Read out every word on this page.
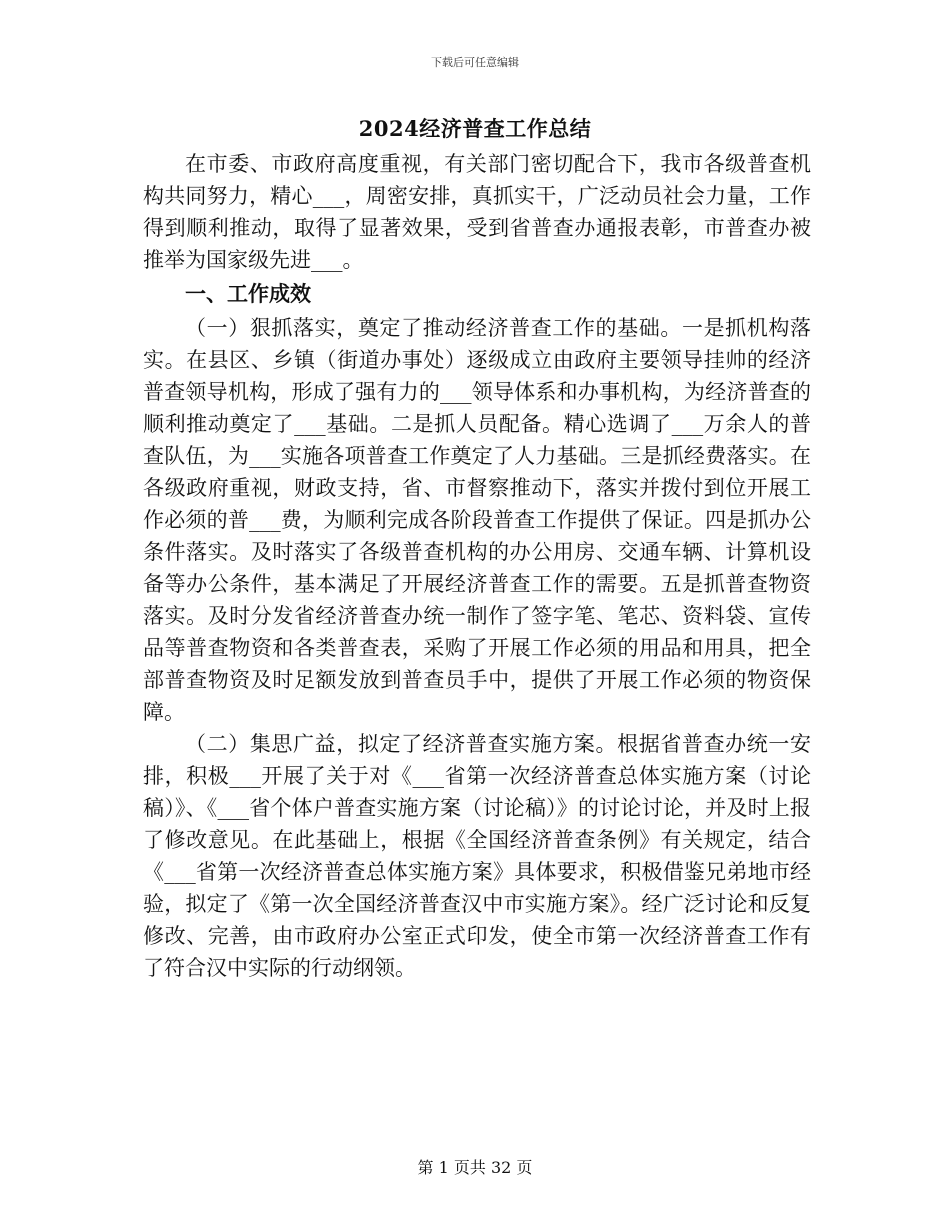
下载后可任意编辑
2024经济普查工作总结

在市委、市政府高度重视，有关部门密切配合下，我市各级普查机构共同努力，精心___，周密安排，真抓实干，广泛动员社会力量，工作得到顺利推动，取得了显著效果，受到省普查办通报表彰，市普查办被推举为国家级先进___。

一、工作成效

（一）狠抓落实，奠定了推动经济普查工作的基础。一是抓机构落实。在县区、乡镇（街道办事处）逐级成立由政府主要领导挂帅的经济普查领导机构，形成了强有力的___领导体系和办事机构，为经济普查的顺利推动奠定了___基础。二是抓人员配备。精心选调了___万余人的普查队伍，为___实施各项普查工作奠定了人力基础。三是抓经费落实。在各级政府重视，财政支持，省、市督察推动下，落实并拨付到位开展工作必须的普___费，为顺利完成各阶段普查工作提供了保证。四是抓办公条件落实。及时落实了各级普查机构的办公用房、交通车辆、计算机设备等办公条件，基本满足了开展经济普查工作的需要。五是抓普查物资落实。及时分发省经济普查办统一制作了签字笔、笔芯、资料袋、宣传品等普查物资和各类普查表，采购了开展工作必须的用品和用具，把全部普查物资及时足额发放到普查员手中，提供了开展工作必须的物资保障。

（二）集思广益，拟定了经济普查实施方案。根据省普查办统一安排，积极___开展了关于对《___省第一次经济普查总体实施方案（讨论稿）》、《___省个体户普查实施方案（讨论稿）》的讨论讨论，并及时上报了修改意见。在此基础上，根据《全国经济普查条例》有关规定，结合《___省第一次经济普查总体实施方案》具体要求，积极借鉴兄弟地市经验，拟定了《第一次全国经济普查汉中市实施方案》。经广泛讨论和反复修改、完善，由市政府办公室正式印发，使全市第一次经济普查工作有了符合汉中实际的行动纲领。

第 1 页共 32 页
